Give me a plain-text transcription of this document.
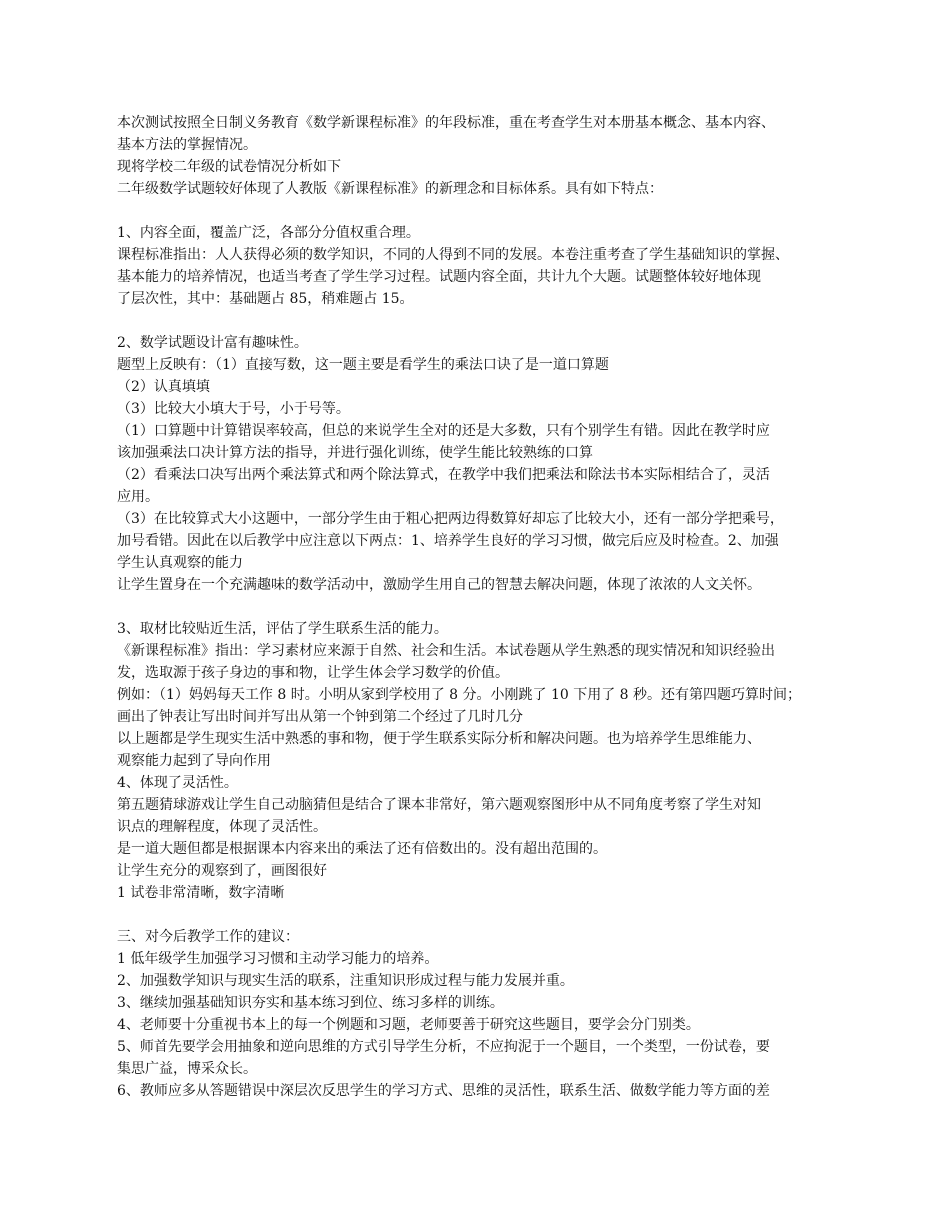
本次测试按照全日制义务教育《数学新课程标准》的年段标准，重在考查学生对本册基本概念、基本内容、
基本方法的掌握情况。
现将学校二年级的试卷情况分析如下
二年级数学试题较好体现了人教版《新课程标准》的新理念和目标体系。具有如下特点：
1、内容全面，覆盖广泛，各部分分值权重合理。
课程标准指出：人人获得必须的数学知识，不同的人得到不同的发展。本卷注重考查了学生基础知识的掌握、
基本能力的培养情况，也适当考查了学生学习过程。试题内容全面，共计九个大题。试题整体较好地体现
了层次性，其中：基础题占 85，稍难题占 15。
2、数学试题设计富有趣味性。
题型上反映有：（1）直接写数，这一题主要是看学生的乘法口诀了是一道口算题
（2）认真填填
（3）比较大小填大于号，小于号等。
（1）口算题中计算错误率较高，但总的来说学生全对的还是大多数，只有个别学生有错。因此在教学时应
该加强乘法口决计算方法的指导，并进行强化训练，使学生能比较熟练的口算
（2）看乘法口决写出两个乘法算式和两个除法算式，在教学中我们把乘法和除法书本实际相结合了，灵活
应用。
（3）在比较算式大小这题中，一部分学生由于粗心把两边得数算好却忘了比较大小，还有一部分学把乘号，
加号看错。因此在以后教学中应注意以下两点：1、培养学生良好的学习习惯，做完后应及时检查。2、加强
学生认真观察的能力
让学生置身在一个充满趣味的数学活动中，激励学生用自己的智慧去解决问题，体现了浓浓的人文关怀。
3、取材比较贴近生活，评估了学生联系生活的能力。
《新课程标准》指出：学习素材应来源于自然、社会和生活。本试卷题从学生熟悉的现实情况和知识经验出
发，选取源于孩子身边的事和物，让学生体会学习数学的价值。
例如：（1）妈妈每天工作 8 时。小明从家到学校用了 8 分。小刚跳了 10 下用了 8 秒。还有第四题巧算时间；
画出了钟表让写出时间并写出从第一个钟到第二个经过了几时几分
以上题都是学生现实生活中熟悉的事和物，便于学生联系实际分析和解决问题。也为培养学生思维能力、
观察能力起到了导向作用
4、体现了灵活性。
第五题猜球游戏让学生自己动脑猜但是结合了课本非常好，第六题观察图形中从不同角度考察了学生对知
识点的理解程度，体现了灵活性。
是一道大题但都是根据课本内容来出的乘法了还有倍数出的。没有超出范围的。
让学生充分的观察到了，画图很好
1 试卷非常清晰，数字清晰
三、对今后教学工作的建议：
1 低年级学生加强学习习惯和主动学习能力的培养。
2、加强数学知识与现实生活的联系，注重知识形成过程与能力发展并重。
3、继续加强基础知识夯实和基本练习到位、练习多样的训练。
4、老师要十分重视书本上的每一个例题和习题，老师要善于研究这些题目，要学会分门别类。
5、师首先要学会用抽象和逆向思维的方式引导学生分析，不应拘泥于一个题目，一个类型，一份试卷，要
集思广益，博采众长。
6、教师应多从答题错误中深层次反思学生的学习方式、思维的灵活性，联系生活、做数学能力等方面的差
